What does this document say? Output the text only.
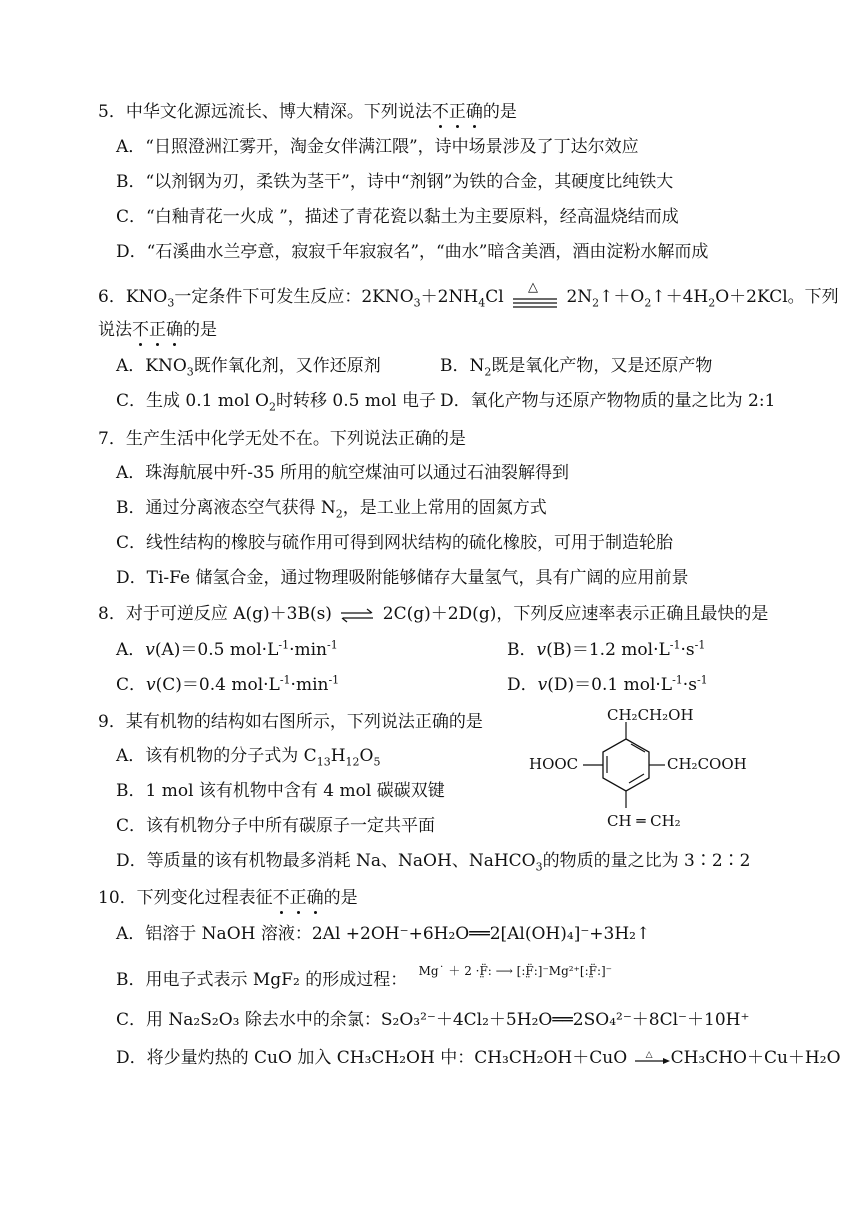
5．中华文化源远流长、博大精深。下列说法不正确的是
A．“日照澄洲江雾开，淘金女伴满江隈”，诗中场景涉及了丁达尔效应
B．“以剂钢为刃，柔铁为茎干”，诗中“剂钢”为铁的合金，其硬度比纯铁大
C．“白釉青花一火成 ”，描述了青花瓷以黏土为主要原料，经高温烧结而成
D．“石溪曲水兰亭意，寂寂千年寂寂名”，“曲水”暗含美酒，酒由淀粉水解而成
6．$KNO_3$一定条件下可发生反应：$2KNO_3+2NH_4Cl$ △ $2N_2↑+O_2↑+4H_2O+2KCl$。下列
说法不正确的是
A．$KNO_3$既作氧化剂，又作还原剂	B．$N_2$既是氧化产物，又是还原产物
C．生成 0.1 mol $O_2$时转移 0.5 mol 电子 D．氧化产物与还原产物物质的量之比为 2:1
7．生产生活中化学无处不在。下列说法正确的是
A．珠海航展中歼-35 所用的航空煤油可以通过石油裂解得到
B．通过分离液态空气获得 $N_2$，是工业上常用的固氮方式
C．线性结构的橡胶与硫作用可得到网状结构的硫化橡胶，可用于制造轮胎
D．Ti-Fe 储氢合金，通过物理吸附能够储存大量氢气，具有广阔的应用前景
8．对于可逆反应 A(g)＋3B(s) ⇌ 2C(g)＋2D(g)，下列反应速率表示正确且最快的是
A．v(A)＝0.5 $mol\cdot L^{-1}\cdot\min^{-1}$	B．v(B)＝1.2 $mol\cdot L^{-1}\cdot s^{-1}$
C．v(C)＝0.4 $mol\cdot L^{-1}\cdot\min^{-1}$	D．v(D)＝0.1 $mol\cdot L^{-1}\cdot s^{-1}$
9．某有机物的结构如右图所示，下列说法正确的是
A．该有机物的分子式为 $C_{13}H_{12}O_5$
B．1 mol 该有机物中含有 4 mol 碳碳双键
C．该有机物分子中所有碳原子一定共平面
D．等质量的该有机物最多消耗 Na、NaOH、NaHCO$_3$的物质的量之比为 3∶2∶2
CH₂CH₂OH
HOOC	CH₂COOH
CH ═ CH₂
10．下列变化过程表征不正确的是
A．铝溶于 NaOH 溶液：2Al +2OH⁻+6H₂O══2[Al(OH)₄]⁻+3H₂↑
B．用电子式表示 MgF₂ 的形成过程： $^{Mg˙ + 2 \cdot F̤̈: ⟶ [:F̤̈:]^-Mg^{2+}[:F̤̈:]^-}$
C．用 Na₂S₂O₃ 除去水中的余氯：S₂O₃²⁻＋4Cl₂＋5H₂O══2SO₄²⁻＋8Cl⁻＋10H⁺
D．将少量灼热的 CuO 加入 CH₃CH₂OH 中：CH₃CH₂OH＋CuO △ CH₃CHO＋Cu＋H₂O
